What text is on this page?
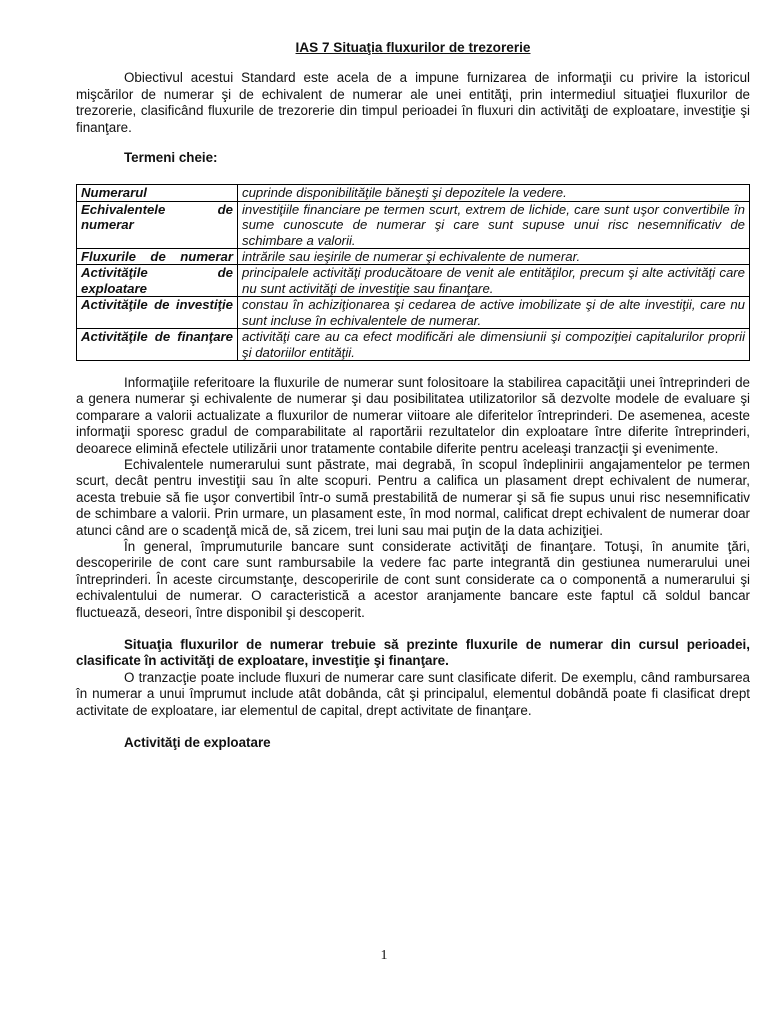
IAS 7 Situaţia fluxurilor de trezorerie

Obiectivul acestui Standard este acela de a impune furnizarea de informaţii cu privire la istoricul mişcărilor de numerar şi de echivalent de numerar ale unei entităţi, prin intermediul situaţiei fluxurilor de trezorerie, clasificând fluxurile de trezorerie din timpul perioadei în fluxuri din activităţi de exploatare, investiţie şi finanţare.

Termeni cheie:
Numerarul	cuprinde disponibilităţile băneşti şi depozitele la vedere.
Echivalentele de numerar	investiţiile financiare pe termen scurt, extrem de lichide, care sunt uşor convertibile în sume cunoscute de numerar şi care sunt supuse unui risc nesemnificativ de schimbare a valorii.
Fluxurile de numerar	intrările sau ieşirile de numerar şi echivalente de numerar.
Activităţile de exploatare	principalele activităţi producătoare de venit ale entităţilor, precum şi alte activităţi care nu sunt activităţi de investiţie sau finanţare.
Activităţile de investiţie	constau în achiziţionarea şi cedarea de active imobilizate şi de alte investiţii, care nu sunt incluse în echivalentele de numerar.
Activităţile de finanţare	activităţi care au ca efect modificări ale dimensiunii şi compoziţiei capitalurilor proprii şi datoriilor entităţii.

Informaţiile referitoare la fluxurile de numerar sunt folositoare la stabilirea capacităţii unei întreprinderi de a genera numerar şi echivalente de numerar şi dau posibilitatea utilizatorilor să dezvolte modele de evaluare şi comparare a valorii actualizate a fluxurilor de numerar viitoare ale diferitelor întreprinderi. De asemenea, aceste informaţii sporesc gradul de comparabilitate al raportării rezultatelor din exploatare între diferite întreprinderi, deoarece elimină efectele utilizării unor tratamente contabile diferite pentru aceleaşi tranzacţii şi evenimente.

Echivalentele numerarului sunt păstrate, mai degrabă, în scopul îndeplinirii angajamentelor pe termen scurt, decât pentru investiţii sau în alte scopuri. Pentru a califica un plasament drept echivalent de numerar, acesta trebuie să fie uşor convertibil într-o sumă prestabilită de numerar şi să fie supus unui risc nesemnificativ de schimbare a valorii. Prin urmare, un plasament este, în mod normal, calificat drept echivalent de numerar doar atunci când are o scadenţă mică de, să zicem, trei luni sau mai puţin de la data achiziţiei.

În general, împrumuturile bancare sunt considerate activităţi de finanţare. Totuşi, în anumite ţări, descoperirile de cont care sunt rambursabile la vedere fac parte integrantă din gestiunea numerarului unei întreprinderi. În aceste circumstanţe, descoperirile de cont sunt considerate ca o componentă a numerarului şi echivalentului de numerar. O caracteristică a acestor aranjamente bancare este faptul că soldul bancar fluctuează, deseori, între disponibil şi descoperit.

Situaţia fluxurilor de numerar trebuie să prezinte fluxurile de numerar din cursul perioadei, clasificate în activităţi de exploatare, investiţie şi finanţare.

O tranzacţie poate include fluxuri de numerar care sunt clasificate diferit. De exemplu, când rambursarea în numerar a unui împrumut include atât dobânda, cât şi principalul, elementul dobândă poate fi clasificat drept activitate de exploatare, iar elementul de capital, drept activitate de finanţare.

Activităţi de exploatare
1
